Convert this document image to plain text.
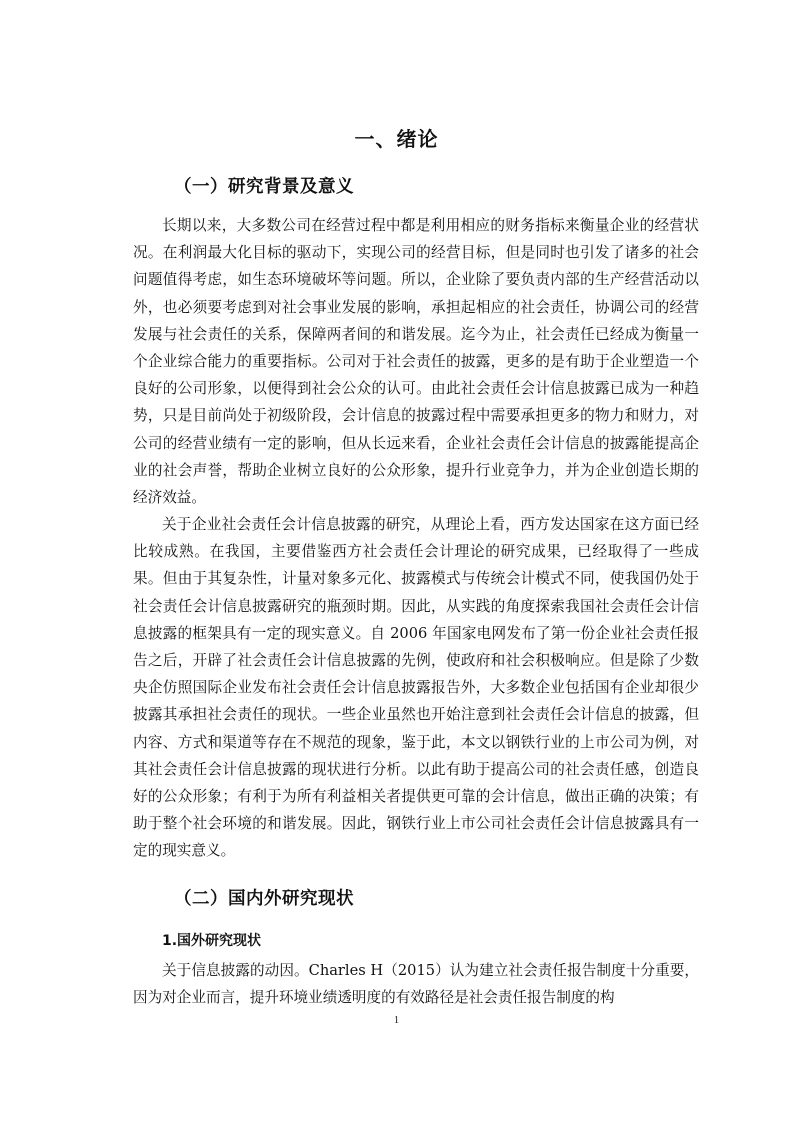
一、绪论
（一）研究背景及意义

长期以来，大多数公司在经营过程中都是利用相应的财务指标来衡量企业的经营状况。在利润最大化目标的驱动下，实现公司的经营目标，但是同时也引发了诸多的社会问题值得考虑，如生态环境破坏等问题。所以，企业除了要负责内部的生产经营活动以外，也必须要考虑到对社会事业发展的影响，承担起相应的社会责任，协调公司的经营发展与社会责任的关系，保障两者间的和谐发展。迄今为止，社会责任已经成为衡量一个企业综合能力的重要指标。公司对于社会责任的披露，更多的是有助于企业塑造一个良好的公司形象，以便得到社会公众的认可。由此社会责任会计信息披露已成为一种趋势，只是目前尚处于初级阶段，会计信息的披露过程中需要承担更多的物力和财力，对公司的经营业绩有一定的影响，但从长远来看，企业社会责任会计信息的披露能提高企业的社会声誉，帮助企业树立良好的公众形象，提升行业竞争力，并为企业创造长期的经济效益。

关于企业社会责任会计信息披露的研究，从理论上看，西方发达国家在这方面已经比较成熟。在我国，主要借鉴西方社会责任会计理论的研究成果，已经取得了一些成果。但由于其复杂性，计量对象多元化、披露模式与传统会计模式不同，使我国仍处于社会责任会计信息披露研究的瓶颈时期。因此，从实践的角度探索我国社会责任会计信息披露的框架具有一定的现实意义。自 2006 年国家电网发布了第一份企业社会责任报告之后，开辟了社会责任会计信息披露的先例，使政府和社会积极响应。但是除了少数央企仿照国际企业发布社会责任会计信息披露报告外，大多数企业包括国有企业却很少披露其承担社会责任的现状。一些企业虽然也开始注意到社会责任会计信息的披露，但内容、方式和渠道等存在不规范的现象，鉴于此，本文以钢铁行业的上市公司为例，对其社会责任会计信息披露的现状进行分析。以此有助于提高公司的社会责任感，创造良好的公众形象；有利于为所有利益相关者提供更可靠的会计信息，做出正确的决策；有助于整个社会环境的和谐发展。因此，钢铁行业上市公司社会责任会计信息披露具有一定的现实意义。

（二）国内外研究现状
1.国外研究现状

关于信息披露的动因。Charles H（2015）认为建立社会责任报告制度十分重要，因为对企业而言，提升环境业绩透明度的有效路径是社会责任报告制度的构

1
